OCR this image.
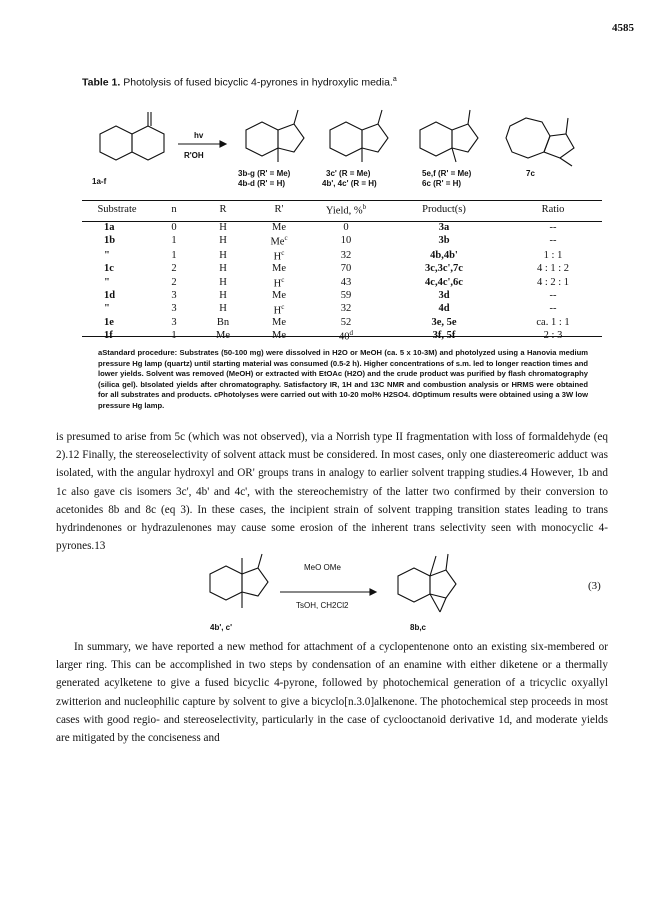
4585
Table 1. Photolysis of fused bicyclic 4-pyrones in hydroxylic media.$^a$
1a-f
hv
R'OH
3b-g (R' = Me)
4b-d (R' = H)
3c' (R = Me)
4b', 4c' (R = H)
5e,f (R' = Me)
6c (R' = H)
7c
Substrate	n	R	R'	Yield, %$^b$	Product(s)	Ratio
1a	0	H	Me	0	3a	--
1b	1	H	Me$^c$	10	3b	--
"	1	H	$H^c$	32	4b,4b'	1 : 1
1c	2	H	Me	70	3c,3c',7c	4 : 1 : 2
"	2	H	$H^c$	43	4c,4c',6c	4 : 2 : 1
1d	3	H	Me	59	3d	--
"	3	H	$H^c$	32	4d	--
1e	3	Bn	Me	52	3e, 5e	ca. 1 : 1
1f	1	Me	Me	40$^d$	3f, 5f	2 : 3
aStandard procedure: Substrates (50-100 mg) were dissolved in H2O or MeOH (ca. 5 x 10-3M) and photolyzed using a Hanovia medium pressure Hg lamp (quartz) until starting material was consumed (0.5-2 h). Higher concentrations of s.m. led to longer reaction times and lower yields. Solvent was removed (MeOH) or extracted with EtOAc (H2O) and the crude product was purified by flash chromatography (silica gel). bIsolated yields after chromatography. Satisfactory IR, 1H and 13C NMR and combustion analysis or HRMS were obtained for all substrates and products. cPhotolyses were carried out with 10-20 mol% H2SO4. dOptimum results were obtained using a 3W low pressure Hg lamp.
is presumed to arise from 5c (which was not observed), via a Norrish type II fragmentation with loss of formaldehyde (eq 2).12 Finally, the stereoselectivity of solvent attack must be considered. In most cases, only one diastereomeric adduct was isolated, with the angular hydroxyl and OR' groups trans in analogy to earlier solvent trapping studies.4 However, 1b and 1c also gave cis isomers 3c', 4b' and 4c', with the stereochemistry of the latter two confirmed by their conversion to acetonides 8b and 8c (eq 3). In these cases, the incipient strain of solvent trapping transition states leading to trans hydrindenones or hydrazulenones may cause some erosion of the inherent trans selectivity seen with monocyclic 4-pyrones.13
4b', c'
MeO OMe
TsOH, CH2Cl2
8b,c
(3)
In summary, we have reported a new method for attachment of a cyclopentenone onto an existing six-membered or larger ring. This can be accomplished in two steps by condensation of an enamine with either diketene or a thermally generated acylketene to give a fused bicyclic 4-pyrone, followed by photochemical generation of a tricyclic oxyallyl zwitterion and nucleophilic capture by solvent to give a bicyclo[n.3.0]alkenone. The photochemical step proceeds in most cases with good regio- and stereoselectivity, particularly in the case of cyclooctanoid derivative 1d, and moderate yields are mitigated by the conciseness and
